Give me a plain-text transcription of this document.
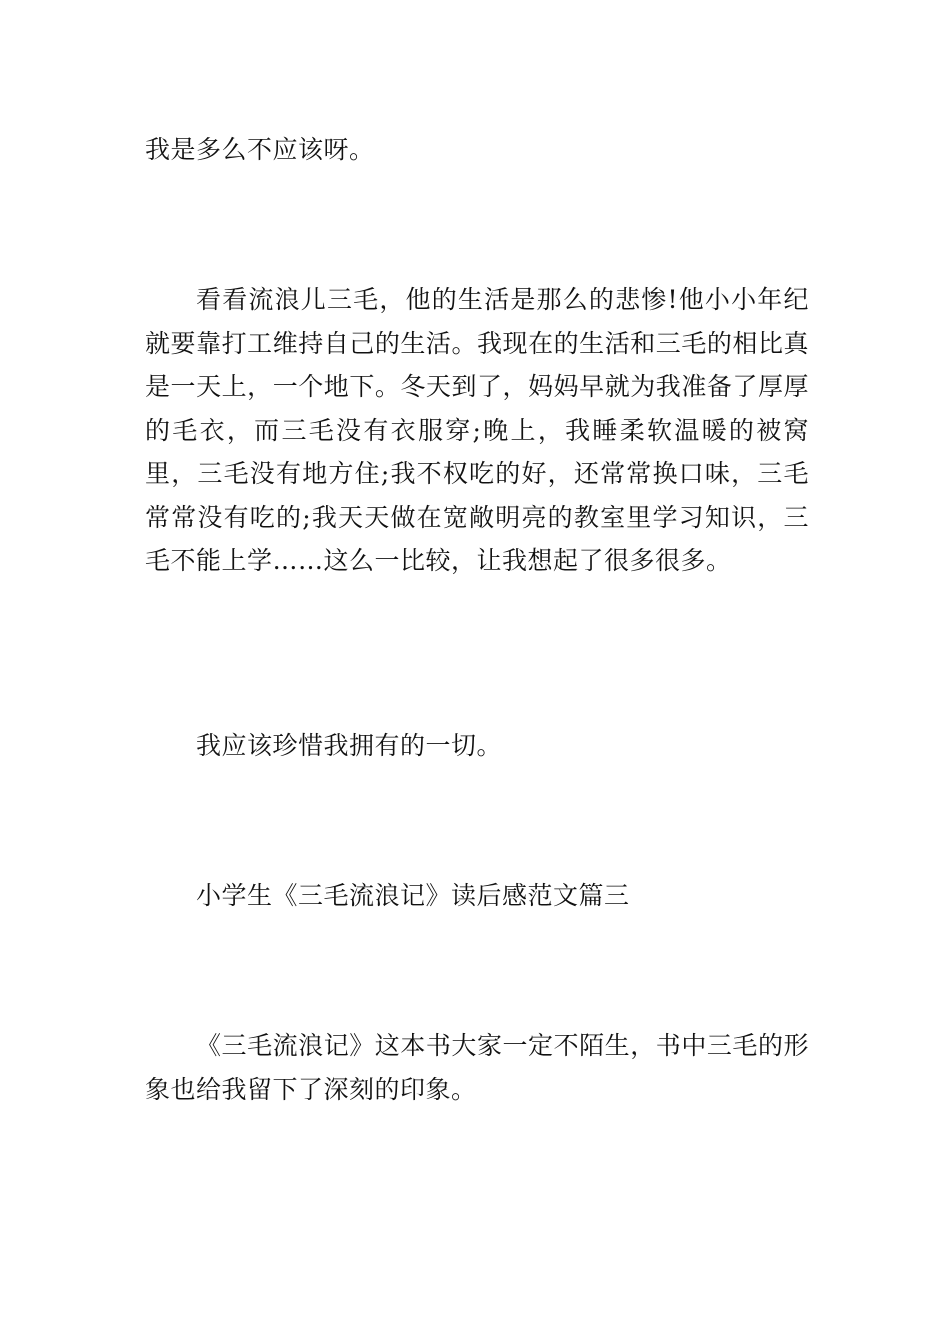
我是多么不应该呀。

看看流浪儿三毛，他的生活是那么的悲惨!他小小年纪就要靠打工维持自己的生活。我现在的生活和三毛的相比真是一天上，一个地下。冬天到了，妈妈早就为我准备了厚厚的毛衣，而三毛没有衣服穿;晚上，我睡柔软温暖的被窝里，三毛没有地方住;我不权吃的好，还常常换口味，三毛常常没有吃的;我天天做在宽敞明亮的教室里学习知识，三毛不能上学……这么一比较，让我想起了很多很多。

我应该珍惜我拥有的一切。

小学生《三毛流浪记》读后感范文篇三

《三毛流浪记》这本书大家一定不陌生，书中三毛的形象也给我留下了深刻的印象。
